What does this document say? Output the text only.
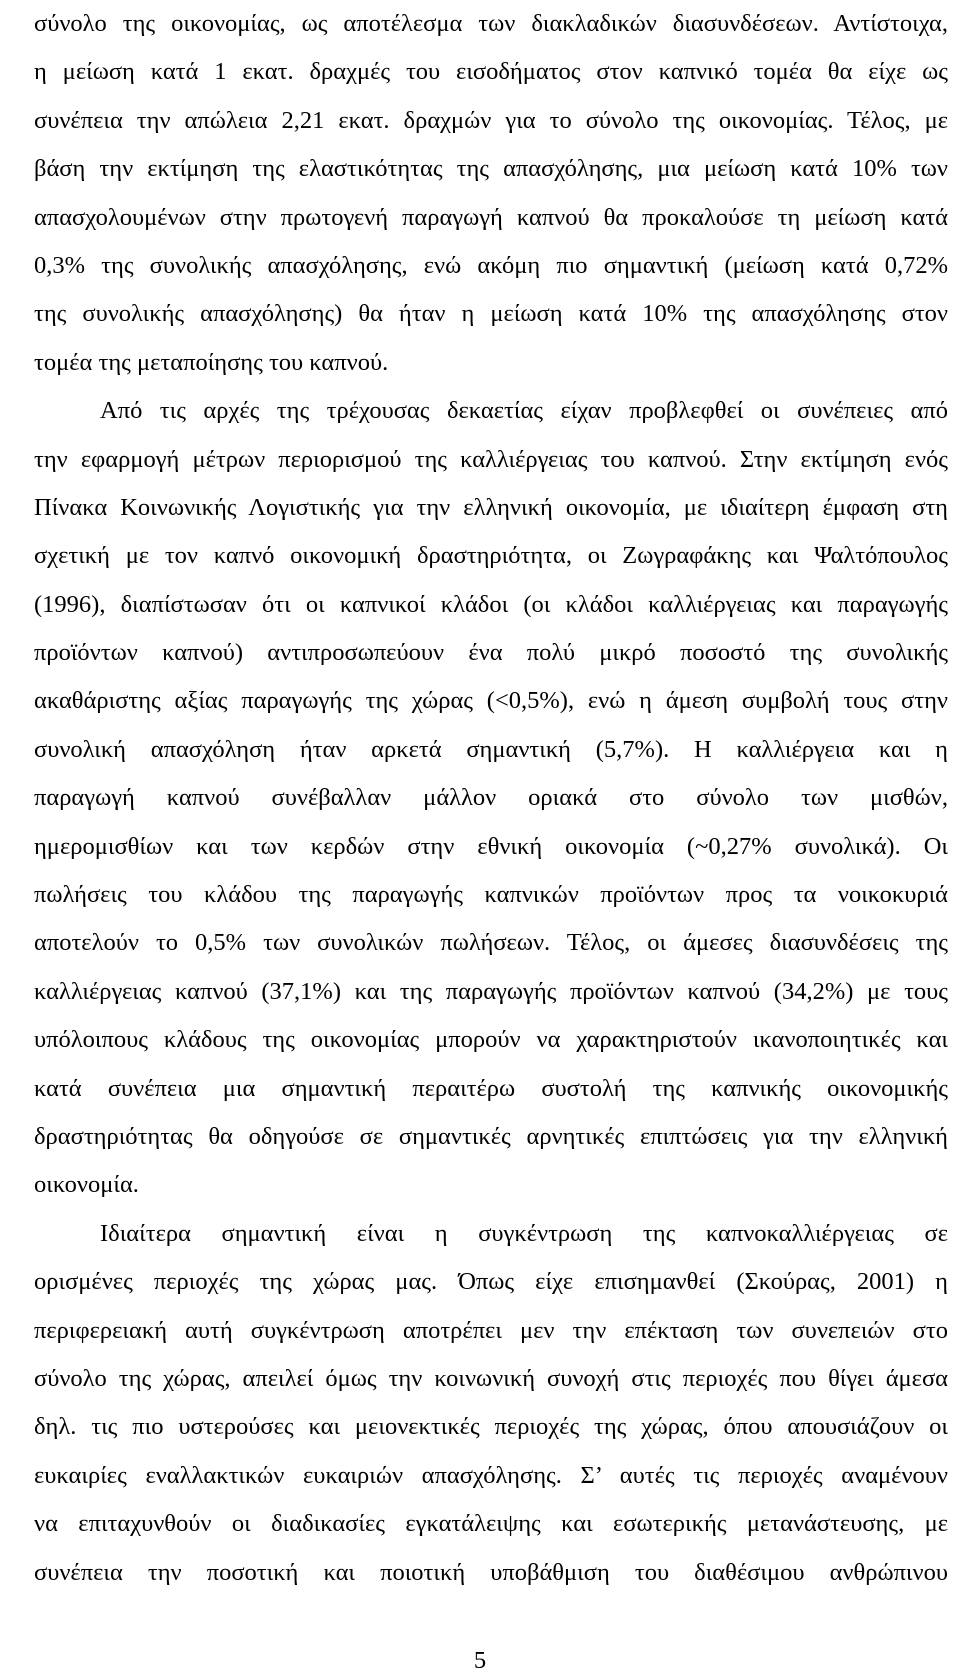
σύνολο της οικονομίας, ως αποτέλεσμα των διακλαδικών διασυνδέσεων. Αντίστοιχα,
η μείωση κατά 1 εκατ. δραχμές του εισοδήματος στον καπνικό τομέα θα είχε ως
συνέπεια την απώλεια 2,21 εκατ. δραχμών για το σύνολο της οικονομίας. Τέλος, με
βάση την εκτίμηση της ελαστικότητας της απασχόλησης, μια μείωση κατά 10% των
απασχολουμένων στην πρωτογενή παραγωγή καπνού θα προκαλούσε τη μείωση κατά
0,3% της συνολικής απασχόλησης, ενώ ακόμη πιο σημαντική (μείωση κατά 0,72%
της συνολικής απασχόλησης) θα ήταν η μείωση κατά 10% της απασχόλησης στον
τομέα της μεταποίησης του καπνού.
Από τις αρχές της τρέχουσας δεκαετίας είχαν προβλεφθεί οι συνέπειες από
την εφαρμογή μέτρων περιορισμού της καλλιέργειας του καπνού. Στην εκτίμηση ενός
Πίνακα Κοινωνικής Λογιστικής για την ελληνική οικονομία, με ιδιαίτερη έμφαση στη
σχετική με τον καπνό οικονομική δραστηριότητα, οι Ζωγραφάκης και Ψαλτόπουλος
(1996), διαπίστωσαν ότι οι καπνικοί κλάδοι (οι κλάδοι καλλιέργειας και παραγωγής
προϊόντων καπνού) αντιπροσωπεύουν ένα πολύ μικρό ποσοστό της συνολικής
ακαθάριστης αξίας παραγωγής της χώρας (<0,5%), ενώ η άμεση συμβολή τους στην
συνολική απασχόληση ήταν αρκετά σημαντική (5,7%). Η καλλιέργεια και η
παραγωγή καπνού συνέβαλλαν μάλλον οριακά στο σύνολο των μισθών,
ημερομισθίων και των κερδών στην εθνική οικονομία (~0,27% συνολικά). Οι
πωλήσεις του κλάδου της παραγωγής καπνικών προϊόντων προς τα νοικοκυριά
αποτελούν το 0,5% των συνολικών πωλήσεων. Τέλος, οι άμεσες διασυνδέσεις της
καλλιέργειας καπνού (37,1%) και της παραγωγής προϊόντων καπνού (34,2%) με τους
υπόλοιπους κλάδους της οικονομίας μπορούν να χαρακτηριστούν ικανοποιητικές και
κατά συνέπεια μια σημαντική περαιτέρω συστολή της καπνικής οικονομικής
δραστηριότητας θα οδηγούσε σε σημαντικές αρνητικές επιπτώσεις για την ελληνική
οικονομία.
Ιδιαίτερα σημαντική είναι η συγκέντρωση της καπνοκαλλιέργειας σε
ορισμένες περιοχές της χώρας μας. Όπως είχε επισημανθεί (Σκούρας, 2001) η
περιφερειακή αυτή συγκέντρωση αποτρέπει μεν την επέκταση των συνεπειών στο
σύνολο της χώρας, απειλεί όμως την κοινωνική συνοχή στις περιοχές που θίγει άμεσα
δηλ. τις πιο υστερούσες και μειονεκτικές περιοχές της χώρας, όπου απουσιάζουν οι
ευκαιρίες εναλλακτικών ευκαιριών απασχόλησης. Σ’ αυτές τις περιοχές αναμένουν
να επιταχυνθούν οι διαδικασίες εγκατάλειψης και εσωτερικής μετανάστευσης, με
συνέπεια την ποσοτική και ποιοτική υποβάθμιση του διαθέσιμου ανθρώπινου
5
